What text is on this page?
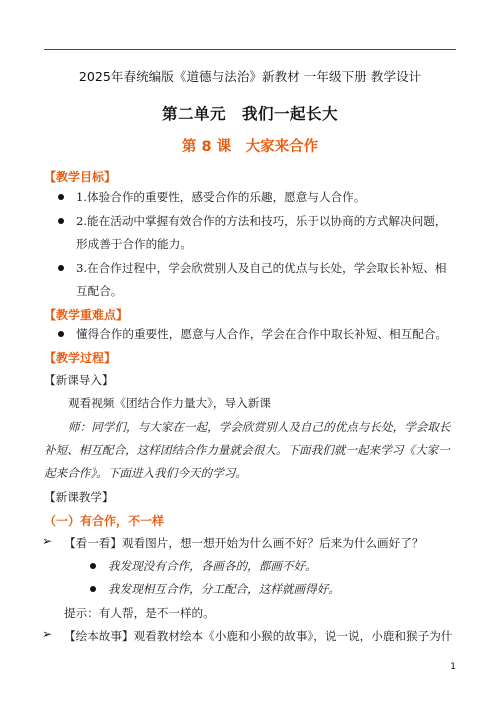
2025年春统编版《道德与法治》新教材 一年级下册 教学设计
第二单元　我们一起长大
第 8 课　大家来合作
【教学目标】
1.体验合作的重要性，感受合作的乐趣，愿意与人合作。
2.能在活动中掌握有效合作的方法和技巧，乐于以协商的方式解决问题，
形成善于合作的能力。
3.在合作过程中，学会欣赏别人及自己的优点与长处，学会取长补短、相
互配合。
【教学重难点】
懂得合作的重要性，愿意与人合作，学会在合作中取长补短、相互配合。
【教学过程】
【新课导入】
观看视频《团结合作力量大》，导入新课
师：同学们，与大家在一起，学会欣赏别人及自己的优点与长处，学会取长
补短、相互配合，这样团结合作力量就会很大。下面我们就一起来学习《大家一
起来合作》。下面进入我们今天的学习。
【新课教学】
（一）有合作，不一样
➢ 【看一看】观看图片，想一想开始为什么画不好？后来为什么画好了？
我发现没有合作，各画各的，都画不好。
我发现相互合作，分工配合，这样就画得好。
提示：有人帮，是不一样的。
➢ 【绘本故事】观看教材绘本《小鹿和小猴的故事》，说一说，小鹿和猴子为什
1
